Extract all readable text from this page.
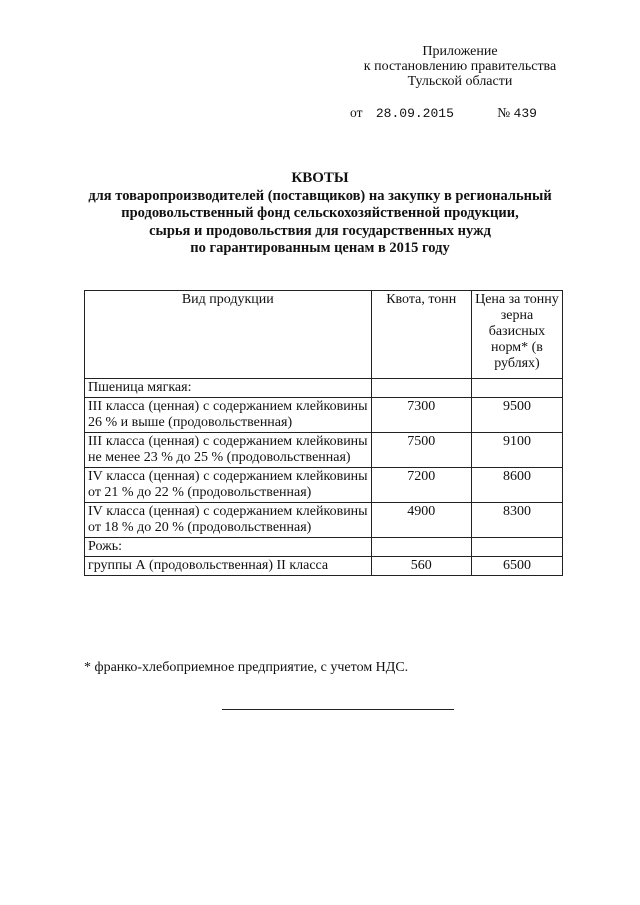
Приложение
к постановлению правительства
Тульской области
от 28.09.2015	№ 439
КВОТЫ
для товаропроизводителей (поставщиков) на закупку в региональный
продовольственный фонд сельскохозяйственной продукции,
сырья и продовольствия для государственных нужд
по гарантированным ценам в 2015 году
Вид продукции	Квота, тонн	Цена за тонну зерна базисных норм* (в рублях)
Пшеница мягкая:		
III класса (ценная) с содержанием клейковины 26 % и выше (продовольственная)	7300	9500
III класса (ценная) с содержанием клейковины не менее 23 % до 25 % (продовольственная)	7500	9100
IV класса (ценная) с содержанием клейковины от 21 % до 22 % (продовольственная)	7200	8600
IV класса (ценная) с содержанием клейковины от 18 % до 20 % (продовольственная)	4900	8300
Рожь:		
группы А (продовольственная) II класса	560	6500
* франко-хлебоприемное предприятие, с учетом НДС.
